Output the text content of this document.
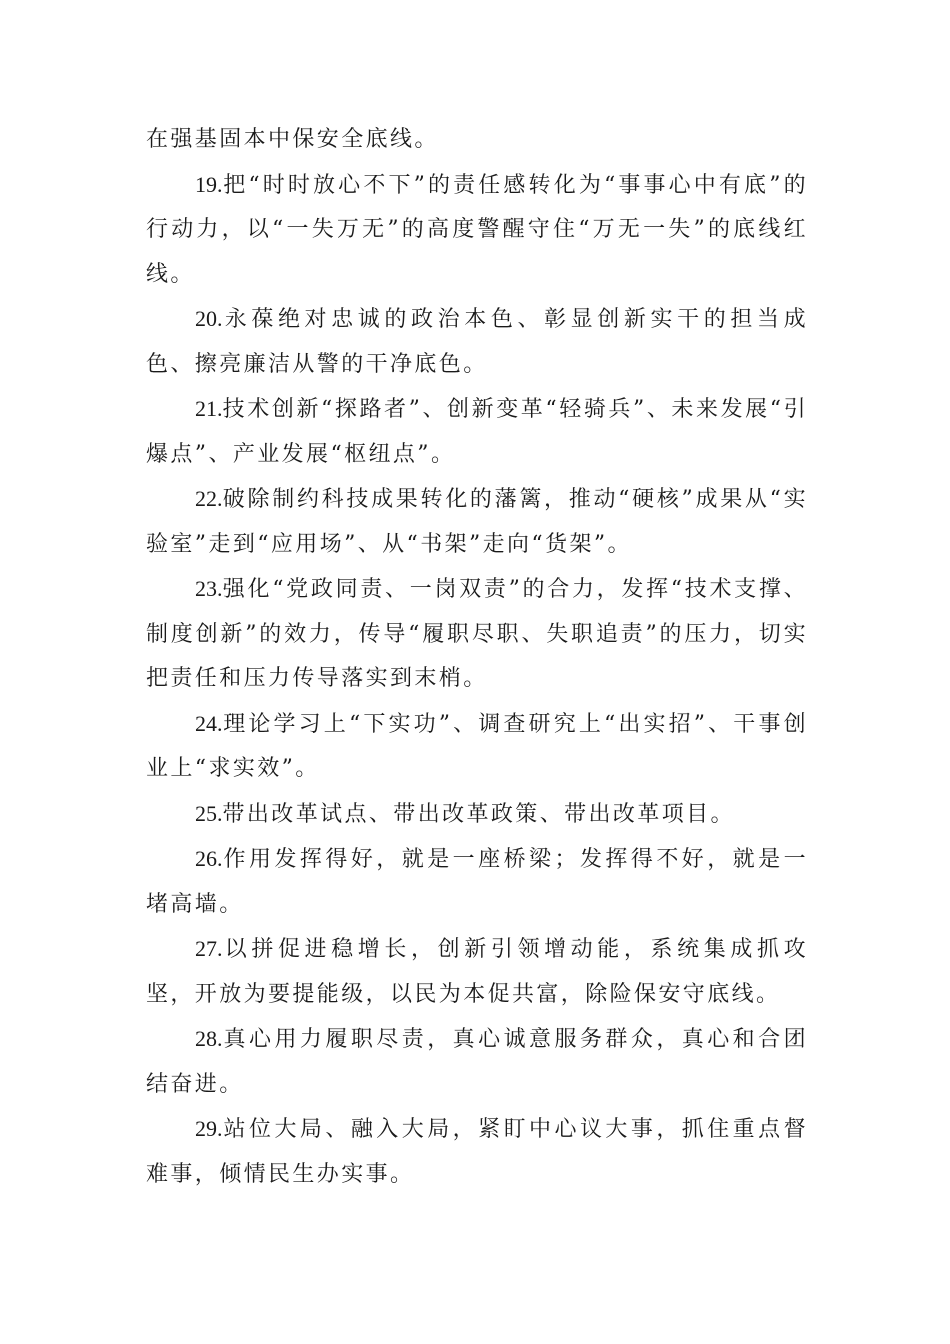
在强基固本中保安全底线。

19.把“时时放心不下”的责任感转化为“事事心中有底”的行动力，以“一失万无”的高度警醒守住“万无一失”的底线红线。

20.永葆绝对忠诚的政治本色、彰显创新实干的担当成色、擦亮廉洁从警的干净底色。

21.技术创新“探路者”、创新变革“轻骑兵”、未来发展“引爆点”、产业发展“枢纽点”。

22.破除制约科技成果转化的藩篱，推动“硬核”成果从“实验室”走到“应用场”、从“书架”走向“货架”。

23.强化“党政同责、一岗双责”的合力，发挥“技术支撑、制度创新”的效力，传导“履职尽职、失职追责”的压力，切实把责任和压力传导落实到末梢。

24.理论学习上“下实功”、调查研究上“出实招”、干事创业上“求实效”。

25.带出改革试点、带出改革政策、带出改革项目。

26.作用发挥得好，就是一座桥梁；发挥得不好，就是一堵高墙。

27.以拼促进稳增长，创新引领增动能，系统集成抓攻坚，开放为要提能级，以民为本促共富，除险保安守底线。

28.真心用力履职尽责，真心诚意服务群众，真心和合团结奋进。

29.站位大局、融入大局，紧盯中心议大事，抓住重点督难事，倾情民生办实事。
